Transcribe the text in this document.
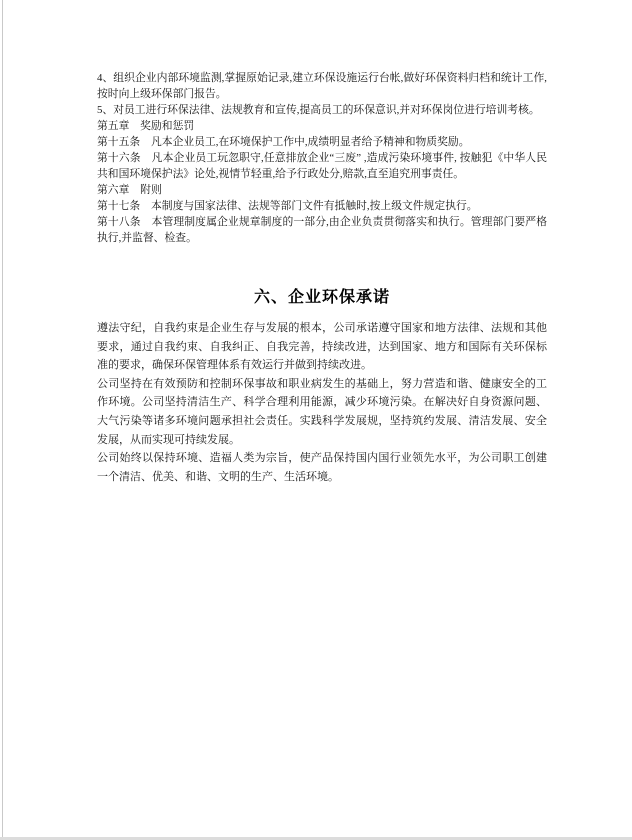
4、组织企业内部环境监测,掌握原始记录,建立环保设施运行台帐,做好环保资料归档和统计工作,按时向上级环保部门报告。

5、对员工进行环保法律、法规教育和宣传,提高员工的环保意识,并对环保岗位进行培训考核。

第五章　奖励和惩罚

第十五条　凡本企业员工,在环境保护工作中,成绩明显者给予精神和物质奖励。

第十六条　凡本企业员工玩忽职守,任意排放企业“三废” ,造成污染环境事件, 按触犯《中华人民共和国环境保护法》论处,视情节轻重,给予行政处分,赔款,直至追究刑事责任。

第六章　附则

第十七条　本制度与国家法律、法规等部门文件有抵触时,按上级文件规定执行。

第十八条　本管理制度属企业规章制度的一部分,由企业负责贯彻落实和执行。管理部门要严格执行,并监督、检查。

六、企业环保承诺

遵法守纪，自我约束是企业生存与发展的根本，公司承诺遵守国家和地方法律、法规和其他要求，通过自我约束、自我纠正、自我完善，持续改进，达到国家、地方和国际有关环保标准的要求，确保环保管理体系有效运行并做到持续改进。

公司坚持在有效预防和控制环保事故和职业病发生的基础上，努力营造和谐、健康安全的工作环境。公司坚持清洁生产、科学合理利用能源，减少环境污染。在解决好自身资源问题、大气污染等诸多环境问题承担社会责任。实践科学发展规，坚持筑约发展、清洁发展、安全发展，从而实现可持续发展。

公司始终以保持环境、造福人类为宗旨，使产品保持国内国行业领先水平，为公司职工创建一个清洁、优美、和谐、文明的生产、生活环境。
